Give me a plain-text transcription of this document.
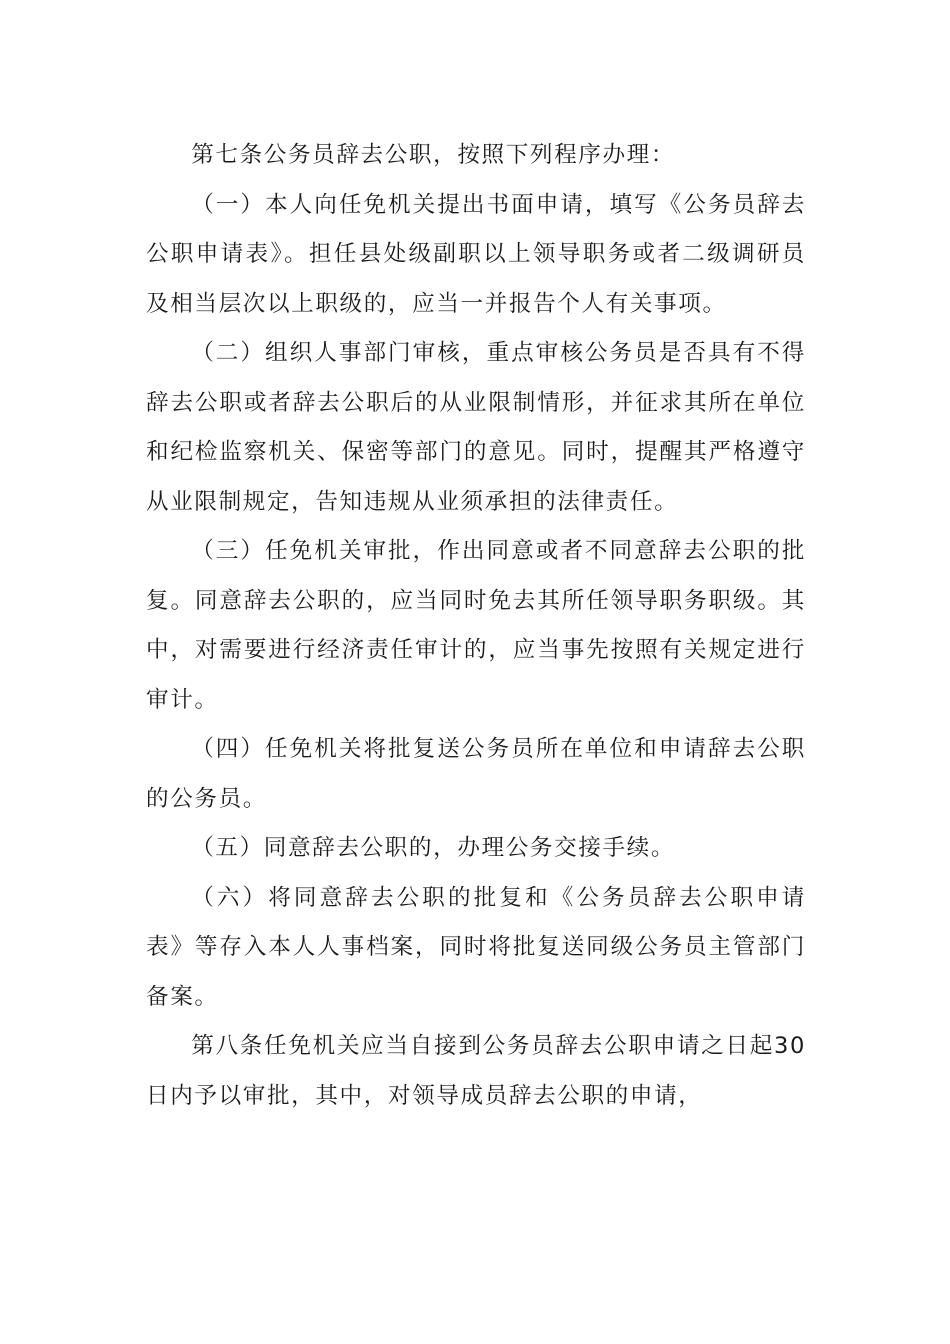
第七条公务员辞去公职，按照下列程序办理：

（一）本人向任免机关提出书面申请，填写《公务员辞去公职申请表》。担任县处级副职以上领导职务或者二级调研员及相当层次以上职级的，应当一并报告个人有关事项。

（二）组织人事部门审核，重点审核公务员是否具有不得辞去公职或者辞去公职后的从业限制情形，并征求其所在单位和纪检监察机关、保密等部门的意见。同时，提醒其严格遵守从业限制规定，告知违规从业须承担的法律责任。

（三）任免机关审批，作出同意或者不同意辞去公职的批复。同意辞去公职的，应当同时免去其所任领导职务职级。其中，对需要进行经济责任审计的，应当事先按照有关规定进行审计。

（四）任免机关将批复送公务员所在单位和申请辞去公职的公务员。

（五）同意辞去公职的，办理公务交接手续。

（六）将同意辞去公职的批复和《公务员辞去公职申请表》等存入本人人事档案，同时将批复送同级公务员主管部门备案。

第八条任免机关应当自接到公务员辞去公职申请之日起30日内予以审批，其中，对领导成员辞去公职的申请，
